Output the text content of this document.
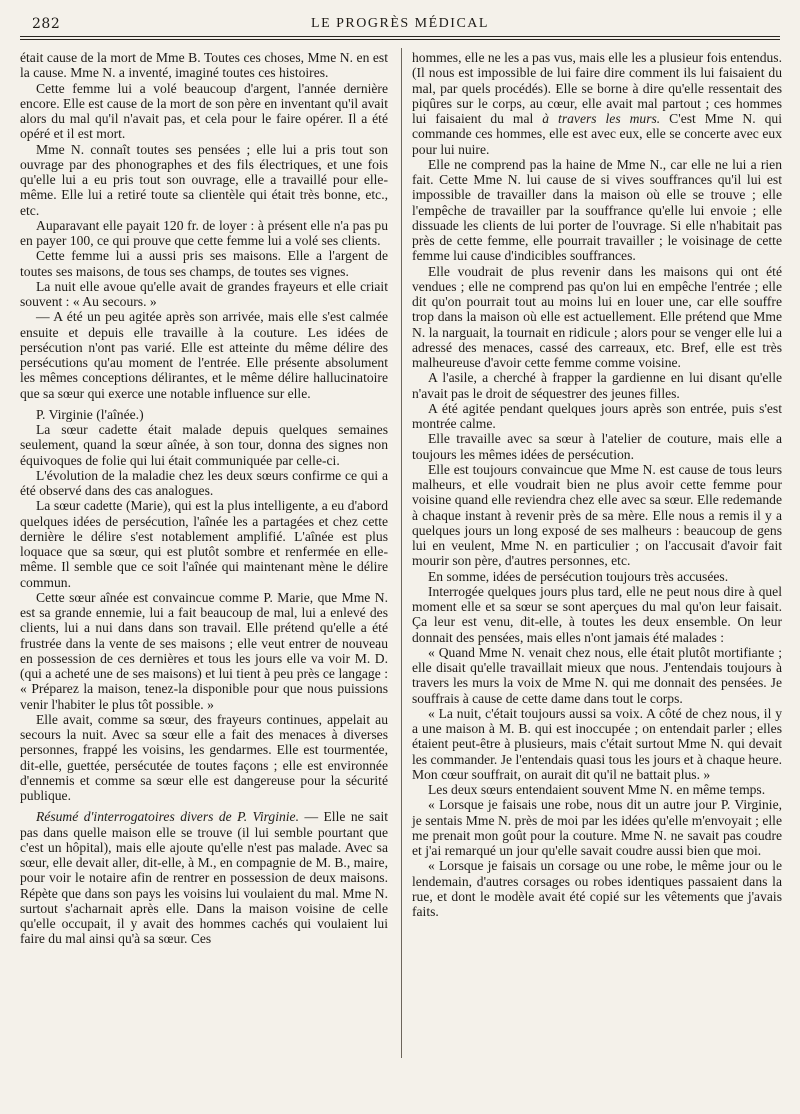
282	LE PROGRÈS MÉDICAL

était cause de la mort de Mme B. Toutes ces choses, Mme N. en est la cause. Mme N. a inventé, imaginé toutes ces histoires.

Cette femme lui a volé beaucoup d'argent, l'année dernière encore. Elle est cause de la mort de son père en inventant qu'il avait alors du mal qu'il n'avait pas, et cela pour le faire opérer. Il a été opéré et il est mort.

Mme N. connaît toutes ses pensées ; elle lui a pris tout son ouvrage par des phonographes et des fils électriques, et une fois qu'elle lui a eu pris tout son ouvrage, elle a travaillé pour elle-même. Elle lui a retiré toute sa clientèle qui était très bonne, etc., etc.

Auparavant elle payait 120 fr. de loyer : à présent elle n'a pas pu en payer 100, ce qui prouve que cette femme lui a volé ses clients.

Cette femme lui a aussi pris ses maisons. Elle a l'argent de toutes ses maisons, de tous ses champs, de toutes ses vignes.

La nuit elle avoue qu'elle avait de grandes frayeurs et elle criait souvent : « Au secours. »

— A été un peu agitée après son arrivée, mais elle s'est calmée ensuite et depuis elle travaille à la couture. Les idées de persécution n'ont pas varié. Elle est atteinte du même délire des persécutions qu'au moment de l'entrée. Elle présente absolument les mêmes conceptions délirantes, et le même délire hallucinatoire que sa sœur qui exerce une notable influence sur elle.

P. Virginie (l'aînée.)

La sœur cadette était malade depuis quelques semaines seulement, quand la sœur aînée, à son tour, donna des signes non équivoques de folie qui lui était communiquée par celle-ci.

L'évolution de la maladie chez les deux sœurs confirme ce qui a été observé dans des cas analogues.

La sœur cadette (Marie), qui est la plus intelligente, a eu d'abord quelques idées de persécution, l'aînée les a partagées et chez cette dernière le délire s'est notablement amplifié. L'aînée est plus loquace que sa sœur, qui est plutôt sombre et renfermée en elle-même. Il semble que ce soit l'aînée qui maintenant mène le délire commun.

Cette sœur aînée est convaincue comme P. Marie, que Mme N. est sa grande ennemie, lui a fait beaucoup de mal, lui a enlevé des clients, lui a nui dans dans son travail. Elle prétend qu'elle a été frustrée dans la vente de ses maisons ; elle veut entrer de nouveau en possession de ces dernières et tous les jours elle va voir M. D. (qui a acheté une de ses maisons) et lui tient à peu près ce langage : « Préparez la maison, tenez-la disponible pour que nous puissions venir l'habiter le plus tôt possible. »

Elle avait, comme sa sœur, des frayeurs continues, appelait au secours la nuit. Avec sa sœur elle a fait des menaces à diverses personnes, frappé les voisins, les gendarmes. Elle est tourmentée, dit-elle, guettée, persécutée de toutes façons ; elle est environnée d'ennemis et comme sa sœur elle est dangereuse pour la sécurité publique.

Résumé d'interrogatoires divers de P. Virginie. — Elle ne sait pas dans quelle maison elle se trouve (il lui semble pourtant que c'est un hôpital), mais elle ajoute qu'elle n'est pas malade. Avec sa sœur, elle devait aller, dit-elle, à M., en compagnie de M. B., maire, pour voir le notaire afin de rentrer en possession de deux maisons. Répète que dans son pays les voisins lui voulaient du mal. Mme N. surtout s'acharnait après elle. Dans la maison voisine de celle qu'elle occupait, il y avait des hommes cachés qui voulaient lui faire du mal ainsi qu'à sa sœur. Ces

hommes, elle ne les a pas vus, mais elle les a plusieur fois entendus. (Il nous est impossible de lui faire dire comment ils lui faisaient du mal, par quels procédés). Elle se borne à dire qu'elle ressentait des piqûres sur le corps, au cœur, elle avait mal partout ; ces hommes lui faisaient du mal à travers les murs. C'est Mme N. qui commande ces hommes, elle est avec eux, elle se concerte avec eux pour lui nuire.

Elle ne comprend pas la haine de Mme N., car elle ne lui a rien fait. Cette Mme N. lui cause de si vives souffrances qu'il lui est impossible de travailler dans la maison où elle se trouve ; elle l'empêche de travailler par la souffrance qu'elle lui envoie ; elle dissuade les clients de lui porter de l'ouvrage. Si elle n'habitait pas près de cette femme, elle pourrait travailler ; le voisinage de cette femme lui cause d'indicibles souffrances.

Elle voudrait de plus revenir dans les maisons qui ont été vendues ; elle ne comprend pas qu'on lui en empêche l'entrée ; elle dit qu'on pourrait tout au moins lui en louer une, car elle souffre trop dans la maison où elle est actuellement. Elle prétend que Mme N. la narguait, la tournait en ridicule ; alors pour se venger elle lui a adressé des menaces, cassé des carreaux, etc. Bref, elle est très malheureuse d'avoir cette femme comme voisine.

A l'asile, a cherché à frapper la gardienne en lui disant qu'elle n'avait pas le droit de séquestrer des jeunes filles.

A été agitée pendant quelques jours après son entrée, puis s'est montrée calme.

Elle travaille avec sa sœur à l'atelier de couture, mais elle a toujours les mêmes idées de persécution.

Elle est toujours convaincue que Mme N. est cause de tous leurs malheurs, et elle voudrait bien ne plus avoir cette femme pour voisine quand elle reviendra chez elle avec sa sœur. Elle redemande à chaque instant à revenir près de sa mère. Elle nous a remis il y a quelques jours un long exposé de ses malheurs : beaucoup de gens lui en veulent, Mme N. en particulier ; on l'accusait d'avoir fait mourir son père, d'autres personnes, etc.

En somme, idées de persécution toujours très accusées.

Interrogée quelques jours plus tard, elle ne peut nous dire à quel moment elle et sa sœur se sont aperçues du mal qu'on leur faisait. Ça leur est venu, dit-elle, à toutes les deux ensemble. On leur donnait des pensées, mais elles n'ont jamais été malades :

« Quand Mme N. venait chez nous, elle était plutôt mortifiante ; elle disait qu'elle travaillait mieux que nous. J'entendais toujours à travers les murs la voix de Mme N. qui me donnait des pensées. Je souffrais à cause de cette dame dans tout le corps.

« La nuit, c'était toujours aussi sa voix. A côté de chez nous, il y a une maison à M. B. qui est inoccupée ; on entendait parler ; elles étaient peut-être à plusieurs, mais c'était surtout Mme N. qui devait les commander. Je l'entendais quasi tous les jours et à chaque heure. Mon cœur souffrait, on aurait dit qu'il ne battait plus. »

Les deux sœurs entendaient souvent Mme N. en même temps.

« Lorsque je faisais une robe, nous dit un autre jour P. Virginie, je sentais Mme N. près de moi par les idées qu'elle m'envoyait ; elle me prenait mon goût pour la couture. Mme N. ne savait pas coudre et j'ai remarqué un jour qu'elle savait coudre aussi bien que moi.

« Lorsque je faisais un corsage ou une robe, le même jour ou le lendemain, d'autres corsages ou robes identiques passaient dans la rue, et dont le modèle avait été copié sur les vêtements que j'avais faits.
